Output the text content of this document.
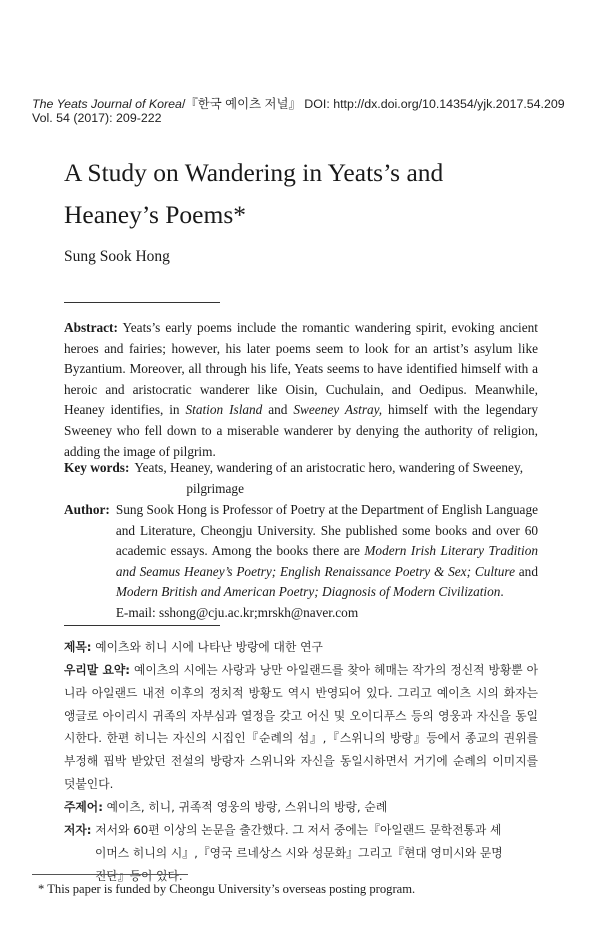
The Yeats Journal of Korea/『한국 예이츠 저널』 DOI: http://dx.doi.org/10.14354/yjk.2017.54.209
Vol. 54 (2017): 209-222
A Study on Wandering in Yeats’s and
Heaney’s Poems*
Sung Sook Hong
Abstract: Yeats’s early poems include the romantic wandering spirit, evoking ancient heroes and fairies; however, his later poems seem to look for an artist’s asylum like Byzantium. Moreover, all through his life, Yeats seems to have identified himself with a heroic and aristocratic wanderer like Oisin, Cuchulain, and Oedipus. Meanwhile, Heaney identifies, in Station Island and Sweeney Astray, himself with the legendary Sweeney who fell down to a miserable wanderer by denying the authority of religion, adding the image of pilgrim.
Key words: Yeats, Heaney, wandering of an aristocratic hero, wandering of Sweeney,
pilgrimage
Author: Sung Sook Hong is Professor of Poetry at the Department of English Language and Literature, Cheongju University. She published some books and over 60 academic essays. Among the books there are Modern Irish Literary Tradition and Seamus Heaney’s Poetry; English Renaissance Poetry & Sex; Culture and Modern British and American Poetry; Diagnosis of Modern Civilization.
E-mail: sshong@cju.ac.kr;mrskh@naver.com
제목: 예이츠와 히니 시에 나타난 방랑에 대한 연구
우리말 요약: 예이츠의 시에는 사랑과 낭만 아일랜드를 찾아 헤매는 작가의 정신적 방황뿐 아니라 아일랜드 내전 이후의 정치적 방황도 역시 반영되어 있다. 그리고 예이츠 시의 화자는 앵글로 아이리시 귀족의 자부심과 열정을 갖고 어신 및 오이디푸스 등의 영웅과 자신을 동일시한다. 한편 히니는 자신의 시집인『순례의 섬』,『스위니의 방랑』등에서 종교의 권위를 부정해 핍박 받았던 전설의 방랑자 스위니와 자신을 동일시하면서 거기에 순례의 이미지를 덧붙인다.
주제어: 예이츠, 히니, 귀족적 영웅의 방랑, 스위니의 방랑, 순례
저자: 저서와 60편 이상의 논문을 출간했다. 그 저서 중에는『아일랜드 문학전통과 셰
이머스 히니의 시』,『영국 르네상스 시와 성문화』그리고『현대 영미시와 문명
진단』등이 있다.
* This paper is funded by Cheongu University’s overseas posting program.
